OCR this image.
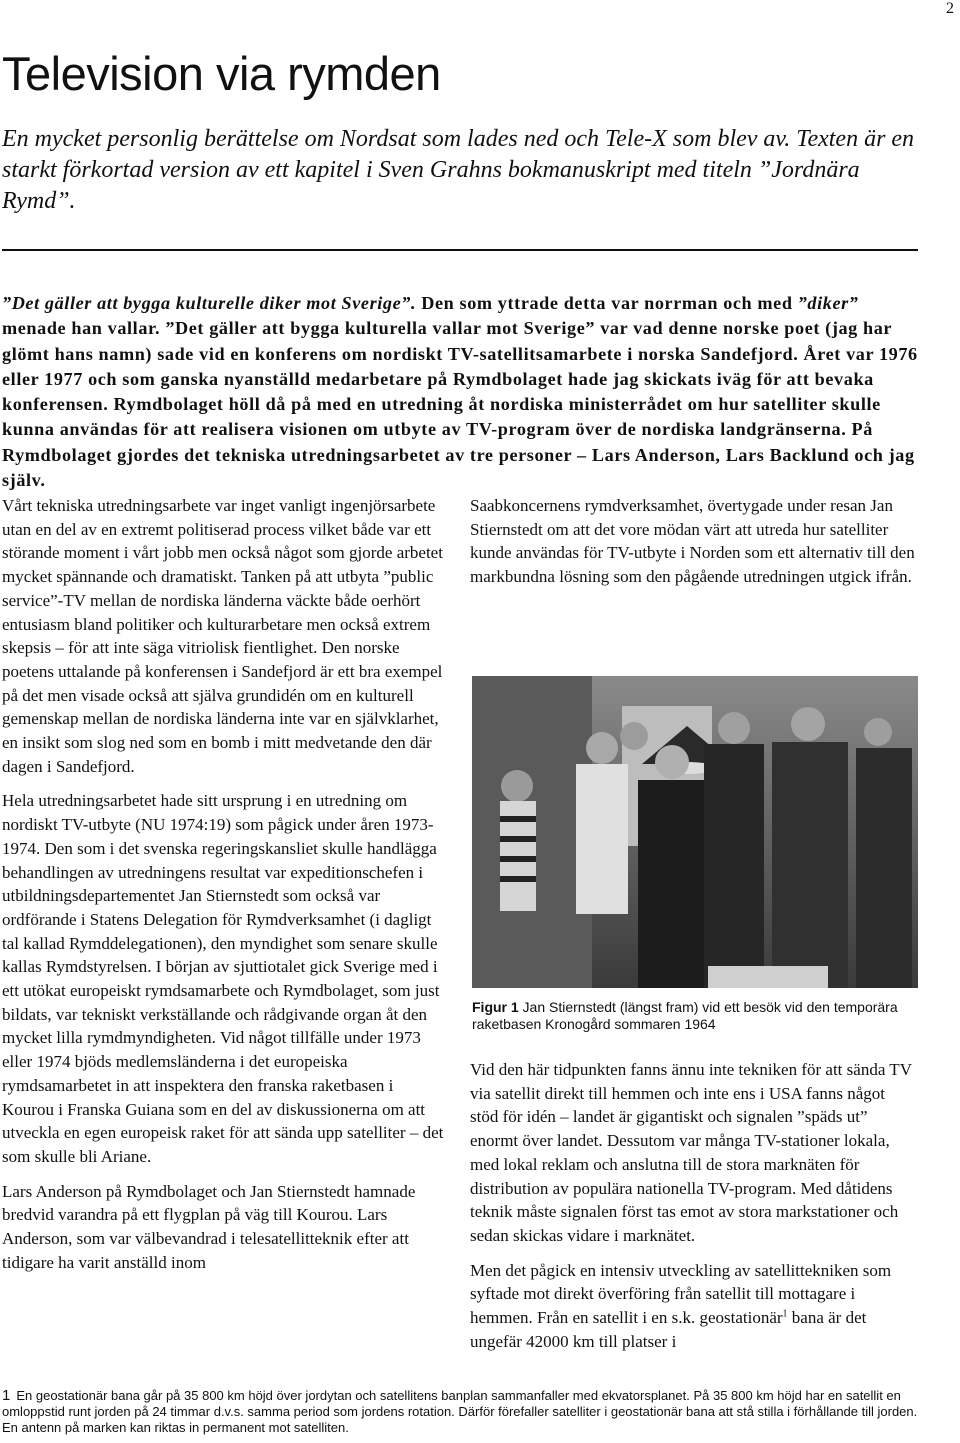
2
Television via rymden
En mycket personlig berättelse om Nordsat som lades ned och Tele-X som blev av. Texten är en starkt förkortad version av ett kapitel i Sven Grahns bokmanuskript med titeln ”Jordnära Rymd”.
”Det gäller att bygga kulturelle diker mot Sverige”. Den som yttrade detta var norrman och med ”diker” menade han vallar. ”Det gäller att bygga kulturella vallar mot Sverige” var vad denne norske poet (jag har glömt hans namn) sade vid en konferens om nordiskt TV-satellitsamarbete i norska Sandefjord. Året var 1976 eller 1977 och som ganska nyanställd medarbetare på Rymdbolaget hade jag skickats iväg för att bevaka konferensen. Rymdbolaget höll då på med en utredning åt nordiska ministerrådet om hur satelliter skulle kunna användas för att realisera visionen om utbyte av TV-program över de nordiska landgränserna. På Rymdbolaget gjordes det tekniska utredningsarbetet av tre personer – Lars Anderson, Lars Backlund och jag själv.

Vårt tekniska utredningsarbete var inget vanligt ingenjörsarbete utan en del av en extremt politiserad process vilket både var ett störande moment i vårt jobb men också något som gjorde arbetet mycket spännande och dramatiskt. Tanken på att utbyta ”public service”-TV mellan de nordiska länderna väckte både oerhört entusiasm bland politiker och kulturarbetare men också extrem skepsis – för att inte säga vitriolisk fientlighet. Den norske poetens uttalande på konferensen i Sandefjord är ett bra exempel på det men visade också att själva grundidén om en kulturell gemenskap mellan de nordiska länderna inte var en självklarhet, en insikt som slog ned som en bomb i mitt medvetande den där dagen i Sandefjord.

Hela utredningsarbetet hade sitt ursprung i en utredning om nordiskt TV-utbyte (NU 1974:19) som pågick under åren 1973-1974. Den som i det svenska regeringskansliet skulle handlägga behandlingen av utredningens resultat var expeditionschefen i utbildningsdepartementet Jan Stiernstedt som också var ordförande i Statens Delegation för Rymdverksamhet (i dagligt tal kallad Rymddelegationen), den myndighet som senare skulle kallas Rymdstyrelsen. I början av sjuttiotalet gick Sverige med i ett utökat europeiskt rymdsamarbete och Rymdbolaget, som just bildats, var tekniskt verkställande och rådgivande organ åt den mycket lilla rymdmyndigheten. Vid något tillfälle under 1973 eller 1974 bjöds medlemsländerna i det europeiska rymdsamarbetet in att inspektera den franska raketbasen i Kourou i Franska Guiana som en del av diskussionerna om att utveckla en egen europeisk raket för att sända upp satelliter – det som skulle bli Ariane.

Lars Anderson på Rymdbolaget och Jan Stiernstedt hamnade bredvid varandra på ett flygplan på väg till Kourou. Lars Anderson, som var välbevandrad i telesatellitteknik efter att tidigare ha varit anställd inom

Saabkoncernens rymdverksamhet, övertygade under resan Jan Stiernstedt om att det vore mödan värt att utreda hur satelliter kunde användas för TV-utbyte i Norden som ett alternativ till den markbundna lösning som den pågående utredningen utgick ifrån.

Figur 1 Jan Stiernstedt (längst fram) vid ett besök vid den temporära raketbasen Kronogård sommaren 1964

Vid den här tidpunkten fanns ännu inte tekniken för att sända TV via satellit direkt till hemmen och inte ens i USA fanns något stöd för idén – landet är gigantiskt och signalen ”späds ut” enormt över landet. Dessutom var många TV-stationer lokala, med lokal reklam och anslutna till de stora marknäten för distribution av populära nationella TV-program. Med dåtidens teknik måste signalen först tas emot av stora markstationer och sedan skickas vidare i marknätet.

Men det pågick en intensiv utveckling av satellittekniken som syftade mot direkt överföring från satellit till mottagare i hemmen. Från en satellit i en s.k. geostationär$^1$ bana är det ungefär 42000 km till platser i

1 En geostationär bana går på 35 800 km höjd över jordytan och satellitens banplan sammanfaller med ekvatorsplanet. På 35 800 km höjd har en satellit en omloppstid runt jorden på 24 timmar d.v.s. samma period som jordens rotation. Därför förefaller satelliter i geostationär bana att stå stilla i förhållande till jorden. En antenn på marken kan riktas in permanent mot satelliten.
